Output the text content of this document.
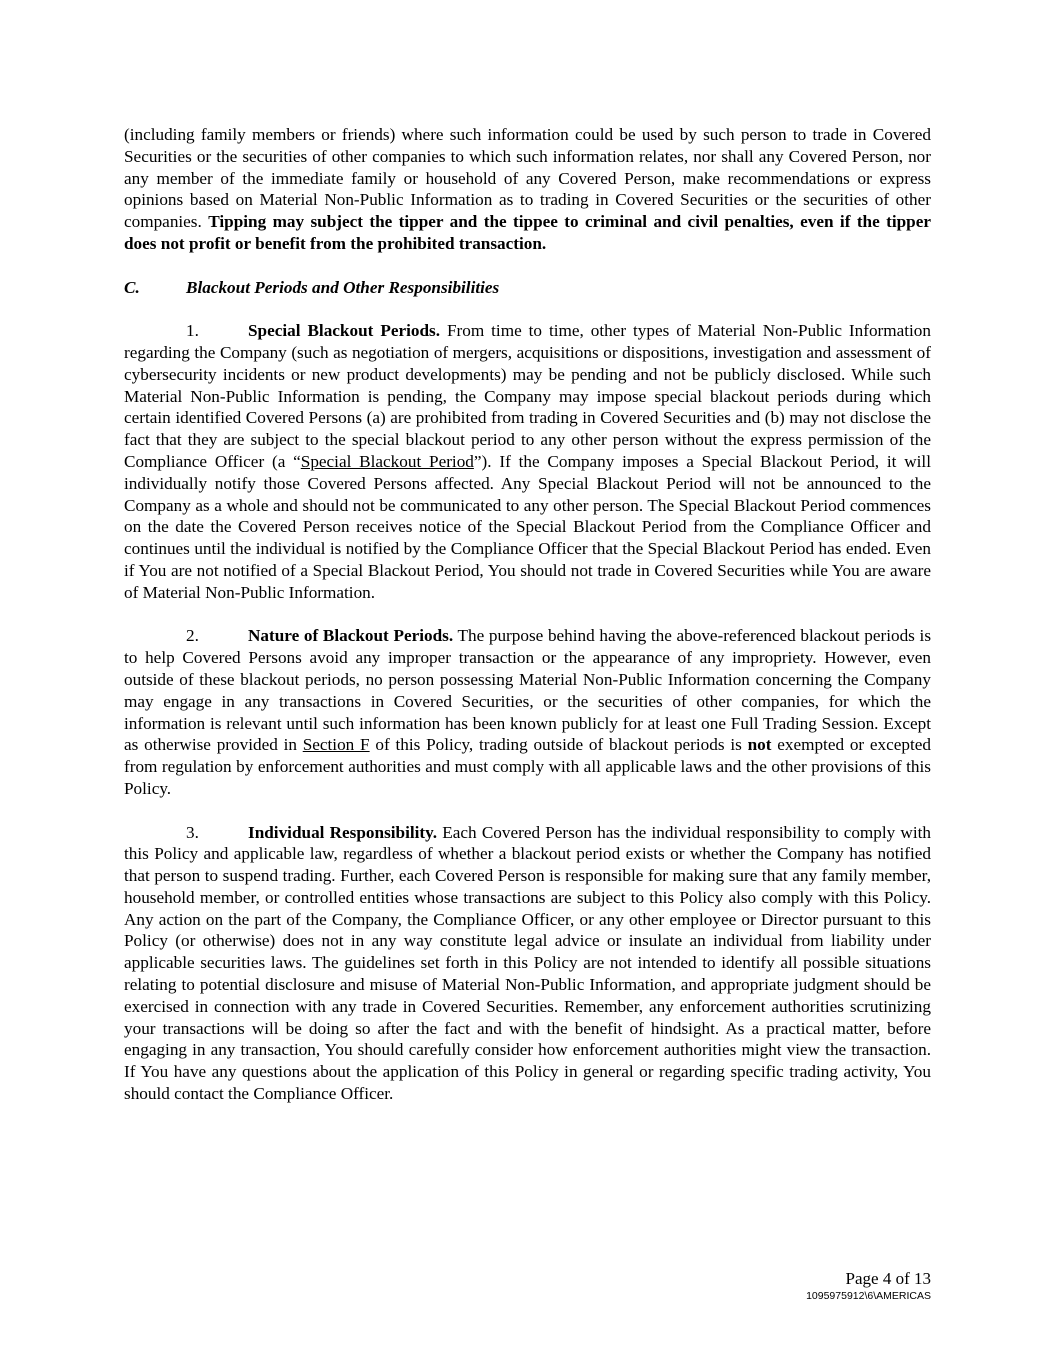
(including family members or friends) where such information could be used by such person to trade in Covered Securities or the securities of other companies to which such information relates, nor shall any Covered Person, nor any member of the immediate family or household of any Covered Person, make recommendations or express opinions based on Material Non-Public Information as to trading in Covered Securities or the securities of other companies. Tipping may subject the tipper and the tippee to criminal and civil penalties, even if the tipper does not profit or benefit from the prohibited transaction.

C.	Blackout Periods and Other Responsibilities

1.	Special Blackout Periods. From time to time, other types of Material Non-Public Information regarding the Company (such as negotiation of mergers, acquisitions or dispositions, investigation and assessment of cybersecurity incidents or new product developments) may be pending and not be publicly disclosed. While such Material Non-Public Information is pending, the Company may impose special blackout periods during which certain identified Covered Persons (a) are prohibited from trading in Covered Securities and (b) may not disclose the fact that they are subject to the special blackout period to any other person without the express permission of the Compliance Officer (a “Special Blackout Period”). If the Company imposes a Special Blackout Period, it will individually notify those Covered Persons affected. Any Special Blackout Period will not be announced to the Company as a whole and should not be communicated to any other person. The Special Blackout Period commences on the date the Covered Person receives notice of the Special Blackout Period from the Compliance Officer and continues until the individual is notified by the Compliance Officer that the Special Blackout Period has ended. Even if You are not notified of a Special Blackout Period, You should not trade in Covered Securities while You are aware of Material Non-Public Information.

2.	Nature of Blackout Periods. The purpose behind having the above-referenced blackout periods is to help Covered Persons avoid any improper transaction or the appearance of any impropriety. However, even outside of these blackout periods, no person possessing Material Non-Public Information concerning the Company may engage in any transactions in Covered Securities, or the securities of other companies, for which the information is relevant until such information has been known publicly for at least one Full Trading Session. Except as otherwise provided in Section F of this Policy, trading outside of blackout periods is not exempted or excepted from regulation by enforcement authorities and must comply with all applicable laws and the other provisions of this Policy.

3.	Individual Responsibility. Each Covered Person has the individual responsibility to comply with this Policy and applicable law, regardless of whether a blackout period exists or whether the Company has notified that person to suspend trading. Further, each Covered Person is responsible for making sure that any family member, household member, or controlled entities whose transactions are subject to this Policy also comply with this Policy. Any action on the part of the Company, the Compliance Officer, or any other employee or Director pursuant to this Policy (or otherwise) does not in any way constitute legal advice or insulate an individual from liability under applicable securities laws. The guidelines set forth in this Policy are not intended to identify all possible situations relating to potential disclosure and misuse of Material Non-Public Information, and appropriate judgment should be exercised in connection with any trade in Covered Securities. Remember, any enforcement authorities scrutinizing your transactions will be doing so after the fact and with the benefit of hindsight. As a practical matter, before engaging in any transaction, You should carefully consider how enforcement authorities might view the transaction. If You have any questions about the application of this Policy in general or regarding specific trading activity, You should contact the Compliance Officer.

Page 4 of 13
1095975912\6\AMERICAS
